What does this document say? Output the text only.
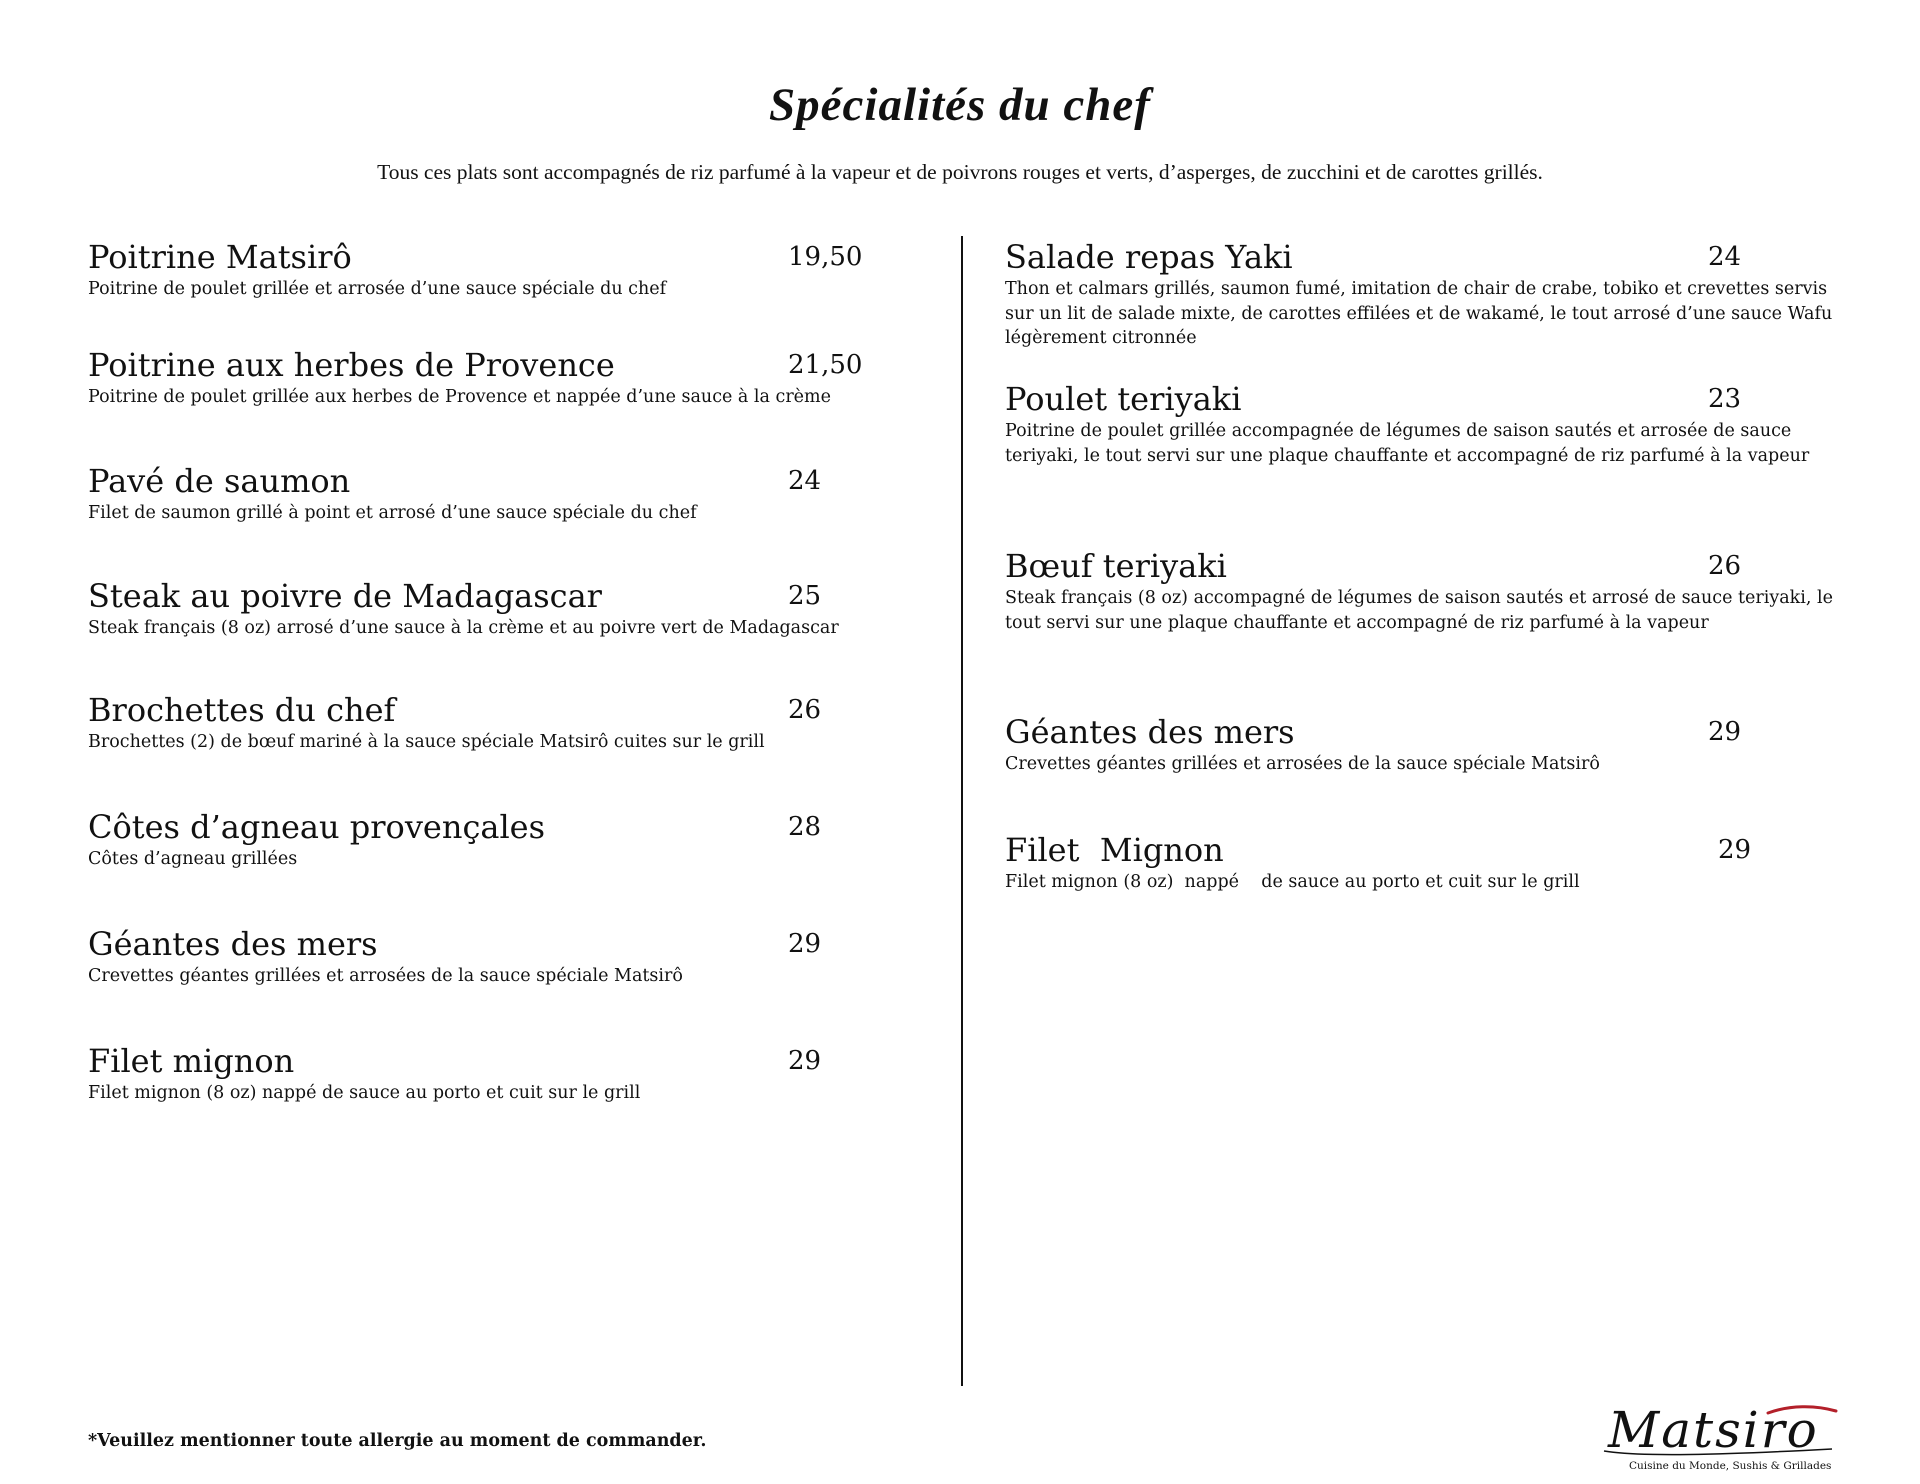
Spécialités du chef

Tous ces plats sont accompagnés de riz parfumé à la vapeur et de poivrons rouges et verts, d’asperges, de zucchini et de carottes grillés.

Poitrine Matsirô	19,50
Poitrine de poulet grillée et arrosée d’une sauce spéciale du chef
Poitrine aux herbes de Provence	21,50
Poitrine de poulet grillée aux herbes de Provence et nappée d’une sauce à la crème
Pavé de saumon	24
Filet de saumon grillé à point et arrosé d’une sauce spéciale du chef
Steak au poivre de Madagascar	25
Steak français (8 oz) arrosé d’une sauce à la crème et au poivre vert de Madagascar
Brochettes du chef	26
Brochettes (2) de bœuf mariné à la sauce spéciale Matsirô cuites sur le grill
Côtes d’agneau provençales	28
Côtes d’agneau grillées
Géantes des mers	29
Crevettes géantes grillées et arrosées de la sauce spéciale Matsirô
Filet mignon	29
Filet mignon (8 oz) nappé de sauce au porto et cuit sur le grill
Salade repas Yaki	24
Thon et calmars grillés, saumon fumé, imitation de chair de crabe, tobiko et crevettes servis sur un lit de salade mixte, de carottes effilées et de wakamé, le tout arrosé d’une sauce Wafu légèrement citronnée
Poulet teriyaki	23
Poitrine de poulet grillée accompagnée de légumes de saison sautés et arrosée de sauce teriyaki, le tout servi sur une plaque chauffante et accompagné de riz parfumé à la vapeur
Bœuf teriyaki	26
Steak français (8 oz) accompagné de légumes de saison sautés et arrosé de sauce teriyaki, le tout servi sur une plaque chauffante et accompagné de riz parfumé à la vapeur
Géantes des mers	29
Crevettes géantes grillées et arrosées de la sauce spéciale Matsirô
Filet  Mignon	29
Filet mignon (8 oz)  nappé    de sauce au porto et cuit sur le grill
*Veuillez mentionner toute allergie au moment de commander.	Matsiro
Cuisine du Monde, Sushis & Grillades
